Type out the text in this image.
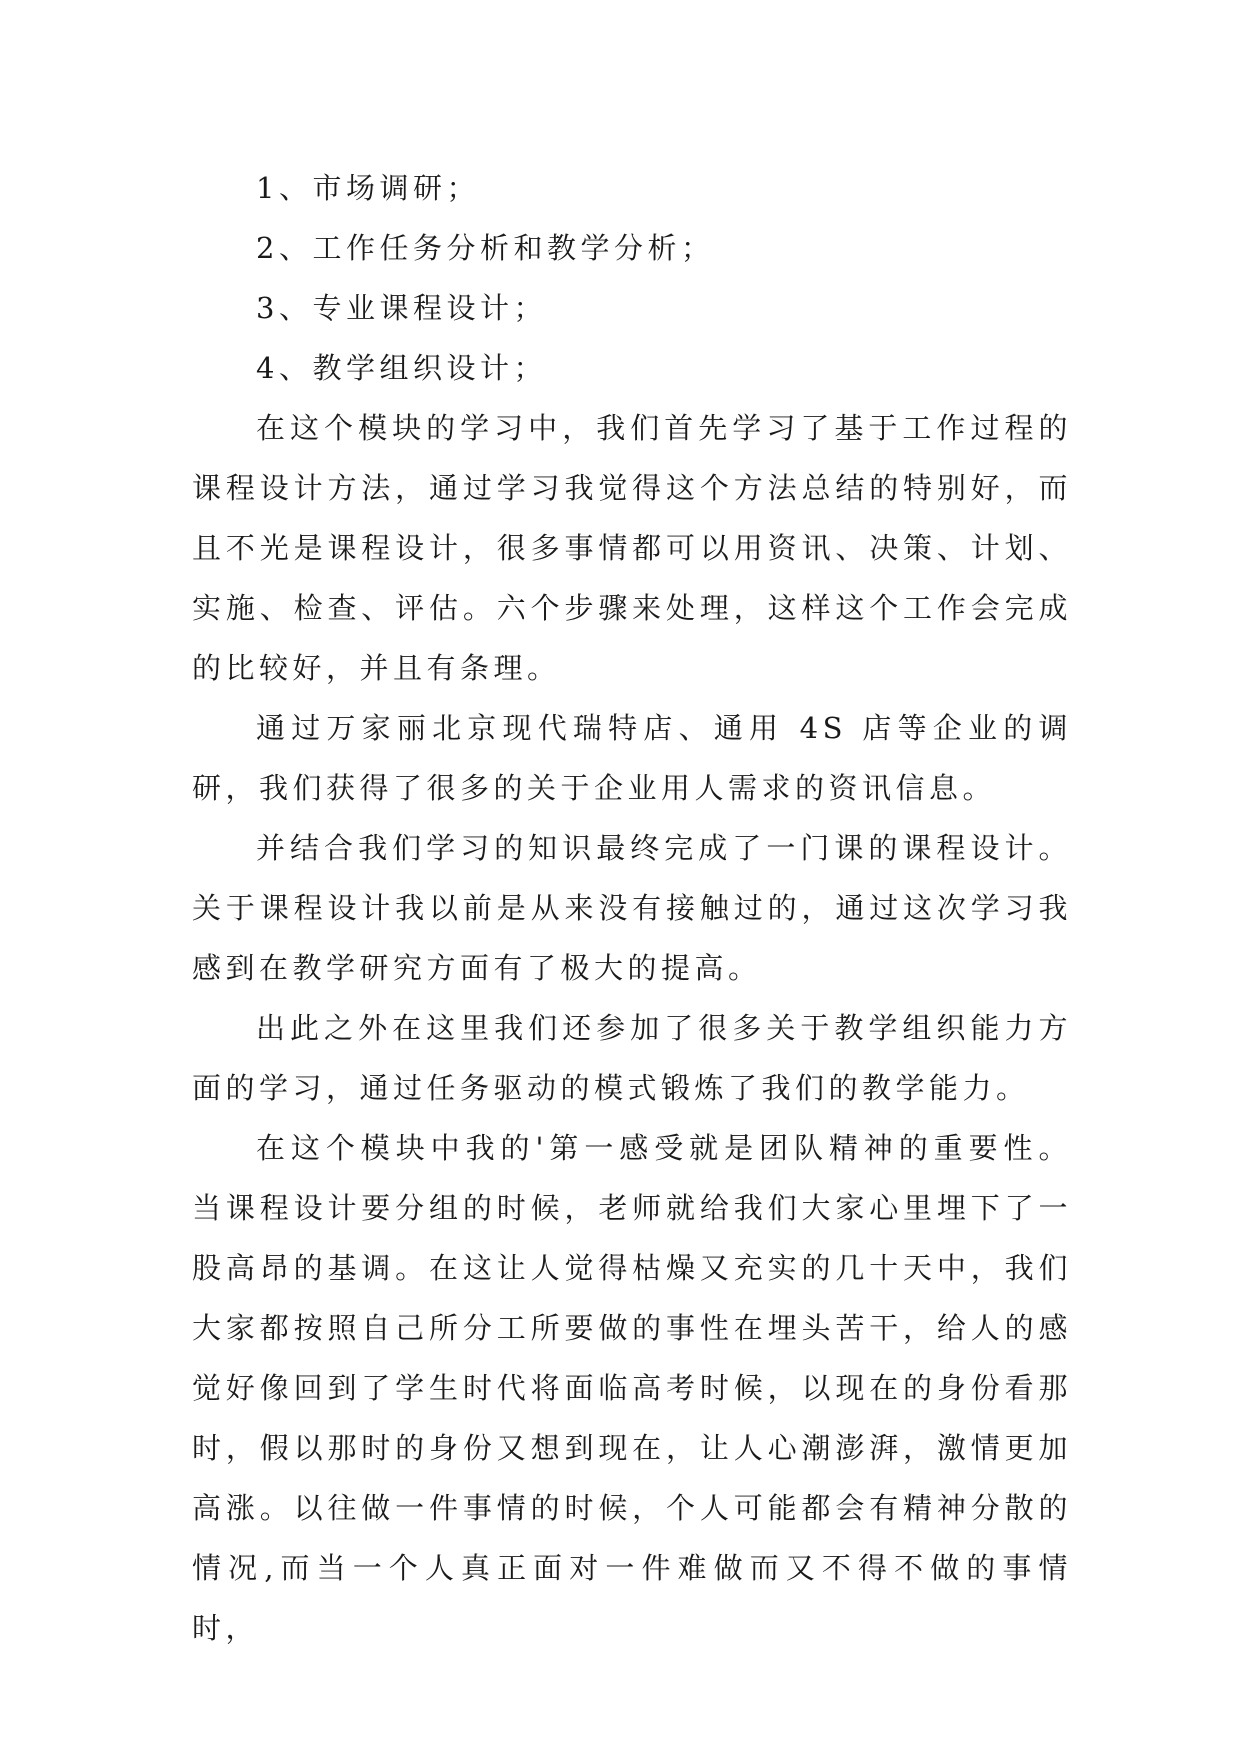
1、市场调研；

2、工作任务分析和教学分析；

3、专业课程设计；

4、教学组织设计；

在这个模块的学习中，我们首先学习了基于工作过程的课程设计方法，通过学习我觉得这个方法总结的特别好，而且不光是课程设计，很多事情都可以用资讯、决策、计划、实施、检查、评估。六个步骤来处理，这样这个工作会完成的比较好，并且有条理。

通过万家丽北京现代瑞特店、通用 4S 店等企业的调研，我们获得了很多的关于企业用人需求的资讯信息。

并结合我们学习的知识最终完成了一门课的课程设计。关于课程设计我以前是从来没有接触过的，通过这次学习我感到在教学研究方面有了极大的提高。

出此之外在这里我们还参加了很多关于教学组织能力方面的学习，通过任务驱动的模式锻炼了我们的教学能力。

在这个模块中我的'第一感受就是团队精神的重要性。当课程设计要分组的时候，老师就给我们大家心里埋下了一股高昂的基调。在这让人觉得枯燥又充实的几十天中，我们大家都按照自己所分工所要做的事性在埋头苦干，给人的感觉好像回到了学生时代将面临高考时候，以现在的身份看那时，假以那时的身份又想到现在，让人心潮澎湃，激情更加高涨。以往做一件事情的时候，个人可能都会有精神分散的情况,而当一个人真正面对一件难做而又不得不做的事情时，
